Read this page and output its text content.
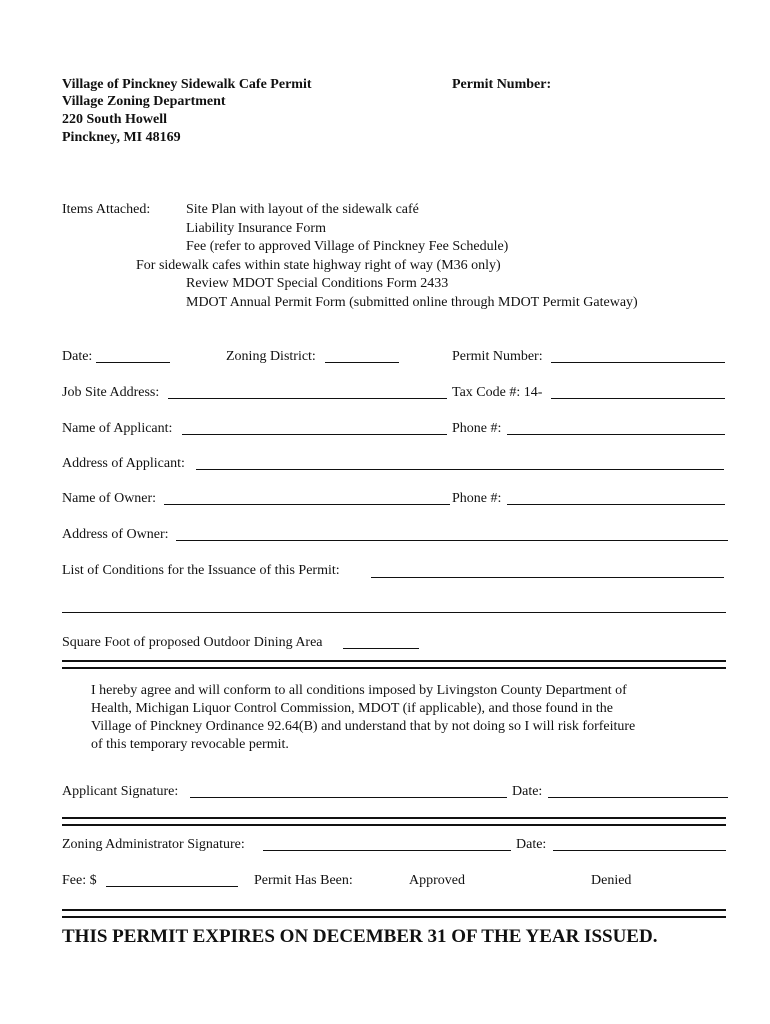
Village of Pinckney Sidewalk Cafe Permit
Village Zoning Department
220 South Howell
Pinckney, MI 48169
Permit Number:
Items Attached:	Site Plan with layout of the sidewalk café
Liability Insurance Form
Fee (refer to approved Village of Pinckney Fee Schedule)
For sidewalk cafes within state highway right of way (M36 only)
Review MDOT Special Conditions Form 2433
MDOT Annual Permit Form (submitted online through MDOT Permit Gateway)
Date:	Zoning District:	Permit Number:
Job Site Address:	Tax Code #: 14-
Name of Applicant:	Phone #:
Address of Applicant:
Name of Owner:	Phone #:
Address of Owner:
List of Conditions for the Issuance of this Permit:
Square Foot of proposed Outdoor Dining Area
I hereby agree and will conform to all conditions imposed by Livingston County Department of
Health, Michigan Liquor Control Commission, MDOT (if applicable), and those found in the
Village of Pinckney Ordinance 92.64(B) and understand that by not doing so I will risk forfeiture
of this temporary revocable permit.
Applicant Signature:	Date:
Zoning Administrator Signature:	Date:
Fee: $	Permit Has Been:	Approved	Denied
THIS PERMIT EXPIRES ON DECEMBER 31 OF THE YEAR ISSUED.
